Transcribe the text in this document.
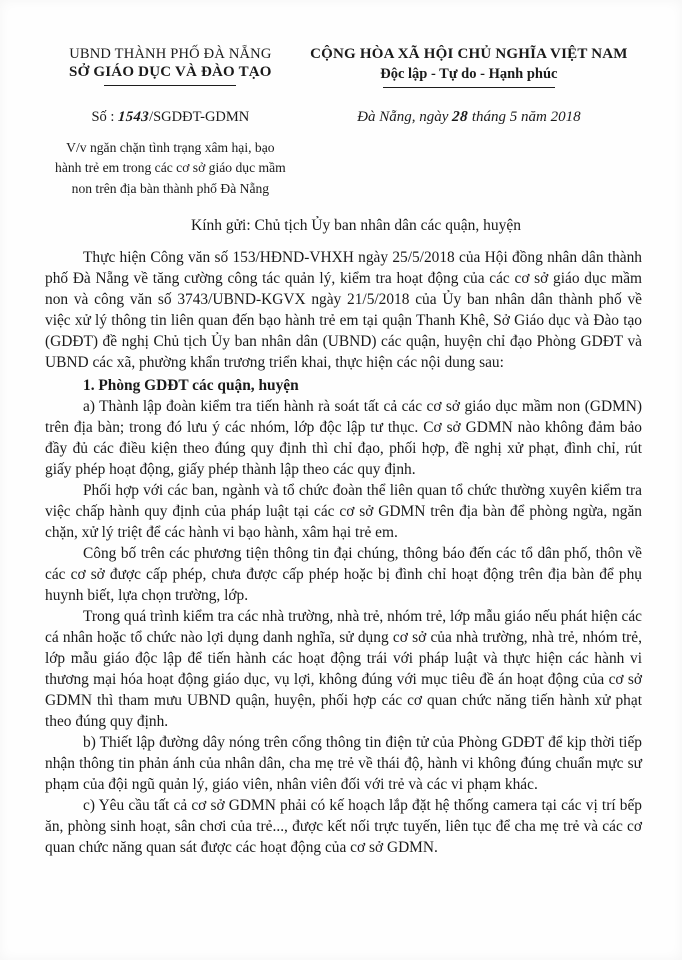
UBND THÀNH PHỐ ĐÀ NẴNG
SỞ GIÁO DỤC VÀ ĐÀO TẠO
CỘNG HÒA XÃ HỘI CHỦ NGHĨA VIỆT NAM
Độc lập - Tự do - Hạnh phúc
Số : 1543/SGDĐT-GDMN
V/v ngăn chặn tình trạng xâm hại, bạo hành trẻ em trong các cơ sở giáo dục mầm non trên địa bàn thành phố Đà Nẵng
Đà Nẵng, ngày 28 tháng 5 năm 2018
Kính gửi: Chủ tịch Ủy ban nhân dân các quận, huyện

Thực hiện Công văn số 153/HĐND-VHXH ngày 25/5/2018 của Hội đồng nhân dân thành phố Đà Nẵng về tăng cường công tác quản lý, kiểm tra hoạt động của các cơ sở giáo dục mầm non và công văn số 3743/UBND-KGVX ngày 21/5/2018 của Ủy ban nhân dân thành phố về việc xử lý thông tin liên quan đến bạo hành trẻ em tại quận Thanh Khê, Sở Giáo dục và Đào tạo (GDĐT) đề nghị Chủ tịch Ủy ban nhân dân (UBND) các quận, huyện chỉ đạo Phòng GDĐT và UBND các xã, phường khẩn trương triển khai, thực hiện các nội dung sau:

1. Phòng GDĐT các quận, huyện

a) Thành lập đoàn kiểm tra tiến hành rà soát tất cả các cơ sở giáo dục mầm non (GDMN) trên địa bàn; trong đó lưu ý các nhóm, lớp độc lập tư thục. Cơ sở GDMN nào không đảm bảo đầy đủ các điều kiện theo đúng quy định thì chỉ đạo, phối hợp, đề nghị xử phạt, đình chỉ, rút giấy phép hoạt động, giấy phép thành lập theo các quy định.

Phối hợp với các ban, ngành và tổ chức đoàn thể liên quan tổ chức thường xuyên kiểm tra việc chấp hành quy định của pháp luật tại các cơ sở GDMN trên địa bàn để phòng ngừa, ngăn chặn, xử lý triệt để các hành vi bạo hành, xâm hại trẻ em.

Công bố trên các phương tiện thông tin đại chúng, thông báo đến các tổ dân phố, thôn về các cơ sở được cấp phép, chưa được cấp phép hoặc bị đình chỉ hoạt động trên địa bàn để phụ huynh biết, lựa chọn trường, lớp.

Trong quá trình kiểm tra các nhà trường, nhà trẻ, nhóm trẻ, lớp mẫu giáo nếu phát hiện các cá nhân hoặc tổ chức nào lợi dụng danh nghĩa, sử dụng cơ sở của nhà trường, nhà trẻ, nhóm trẻ, lớp mẫu giáo độc lập để tiến hành các hoạt động trái với pháp luật và thực hiện các hành vi thương mại hóa hoạt động giáo dục, vụ lợi, không đúng với mục tiêu đề án hoạt động của cơ sở GDMN thì tham mưu UBND quận, huyện, phối hợp các cơ quan chức năng tiến hành xử phạt theo đúng quy định.

b) Thiết lập đường dây nóng trên cổng thông tin điện tử của Phòng GDĐT để kịp thời tiếp nhận thông tin phản ánh của nhân dân, cha mẹ trẻ về thái độ, hành vi không đúng chuẩn mực sư phạm của đội ngũ quản lý, giáo viên, nhân viên đối với trẻ và các vi phạm khác.

c) Yêu cầu tất cả cơ sở GDMN phải có kế hoạch lắp đặt hệ thống camera tại các vị trí bếp ăn, phòng sinh hoạt, sân chơi của trẻ..., được kết nối trực tuyến, liên tục để cha mẹ trẻ và các cơ quan chức năng quan sát được các hoạt động của cơ sở GDMN.
